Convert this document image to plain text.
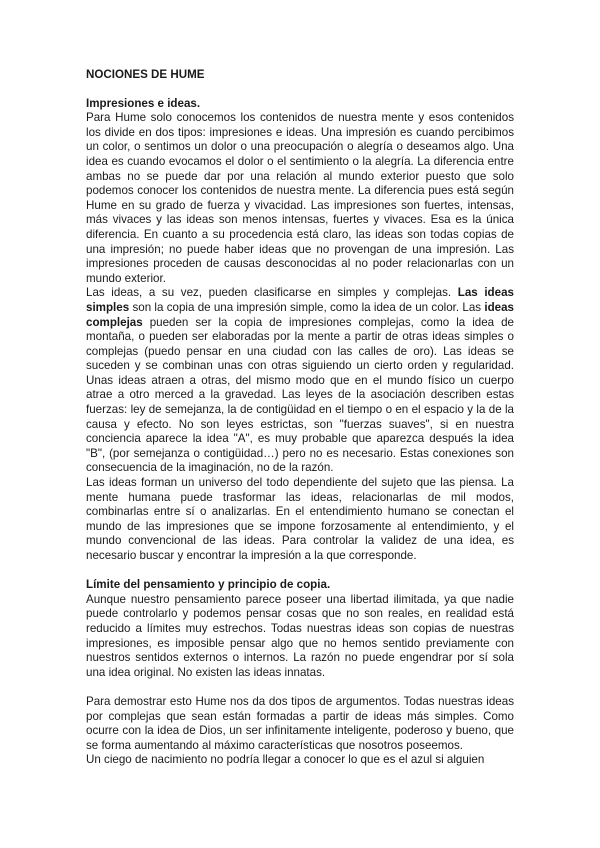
NOCIONES DE HUME
Impresiones e ideas.

Para Hume solo conocemos los contenidos de nuestra mente y esos contenidos los divide en dos tipos: impresiones e ideas. Una impresión es cuando percibimos un color, o sentimos un dolor o una preocupación o alegría o deseamos algo. Una idea es cuando evocamos el dolor o el sentimiento o la alegría. La diferencia entre ambas no se puede dar por una relación al mundo exterior puesto que solo podemos conocer los contenidos de nuestra mente. La diferencia pues está según Hume en su grado de fuerza y vivacidad. Las impresiones son fuertes, intensas, más vivaces y las ideas son menos intensas, fuertes y vivaces. Esa es la única diferencia. En cuanto a su procedencia está claro, las ideas son todas copias de una impresión; no puede haber ideas que no provengan de una impresión. Las impresiones proceden de causas desconocidas al no poder relacionarlas con un mundo exterior.

Las ideas, a su vez, pueden clasificarse en simples y complejas. Las ideas simples son la copia de una impresión simple, como la idea de un color. Las ideas complejas pueden ser la copia de impresiones complejas, como la idea de montaña, o pueden ser elaboradas por la mente a partir de otras ideas simples o complejas (puedo pensar en una ciudad con las calles de oro). Las ideas se suceden y se combinan unas con otras siguiendo un cierto orden y regularidad. Unas ideas atraen a otras, del mismo modo que en el mundo físico un cuerpo atrae a otro merced a la gravedad. Las leyes de la asociación describen estas fuerzas: ley de semejanza, la de contigüidad en el tiempo o en el espacio y la de la causa y efecto. No son leyes estrictas, son "fuerzas suaves", si en nuestra conciencia aparece la idea "A", es muy probable que aparezca después la idea "B", (por semejanza o contigüidad…) pero no es necesario. Estas conexiones son consecuencia de la imaginación, no de la razón.

Las ideas forman un universo del todo dependiente del sujeto que las piensa. La mente humana puede trasformar las ideas, relacionarlas de mil modos, combinarlas entre sí o analizarlas. En el entendimiento humano se conectan el mundo de las impresiones que se impone forzosamente al entendimiento, y el mundo convencional de las ideas. Para controlar la validez de una idea, es necesario buscar y encontrar la impresión a la que corresponde.

Límite del pensamiento y principio de copia.

Aunque nuestro pensamiento parece poseer una libertad ilimitada, ya que nadie puede controlarlo y podemos pensar cosas que no son reales, en realidad está reducido a límites muy estrechos. Todas nuestras ideas son copias de nuestras impresiones, es imposible pensar algo que no hemos sentido previamente con nuestros sentidos externos o internos. La razón no puede engendrar por sí sola una idea original. No existen las ideas innatas.

Para demostrar esto Hume nos da dos tipos de argumentos. Todas nuestras ideas por complejas que sean están formadas a partir de ideas más simples. Como ocurre con la idea de Dios, un ser infinitamente inteligente, poderoso y bueno, que se forma aumentando al máximo características que nosotros poseemos.

Un ciego de nacimiento no podría llegar a conocer lo que es el azul si alguien
